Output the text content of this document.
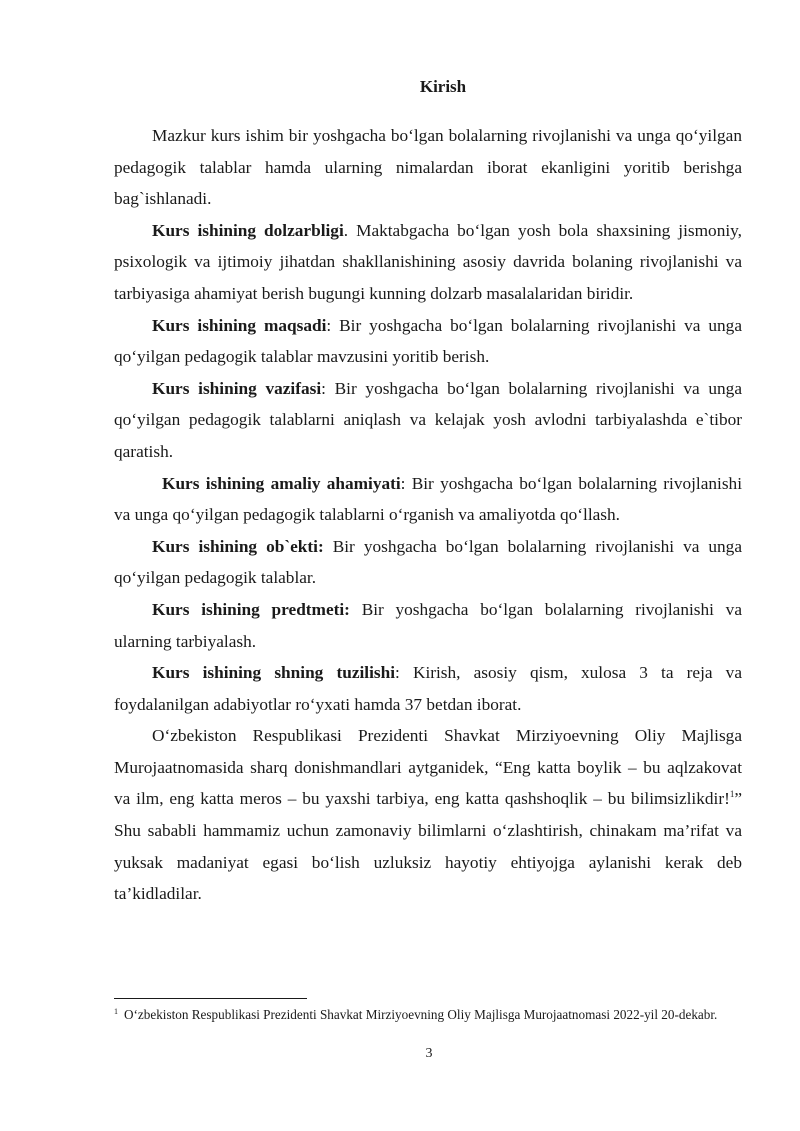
Kirish

Mazkur kurs ishim bir yoshgacha bo‘lgan bolalarning rivojlanishi va unga qo‘yilgan pedagogik talablar hamda ularning nimalardan iborat ekanligini yoritib berishga bag`ishlanadi.

Kurs ishining dolzarbligi. Maktabgacha bo‘lgan yosh bola shaxsining jismoniy, psixologik va ijtimoiy jihatdan shakllanishining asosiy davrida bolaning rivojlanishi va tarbiyasiga ahamiyat berish bugungi kunning dolzarb masalalaridan biridir.

Kurs ishining maqsadi: Bir yoshgacha bo‘lgan bolalarning rivojlanishi va unga qo‘yilgan pedagogik talablar mavzusini yoritib berish.

Kurs ishining vazifasi: Bir yoshgacha bo‘lgan bolalarning rivojlanishi va unga qo‘yilgan pedagogik talablarni aniqlash va kelajak yosh avlodni tarbiyalashda e`tibor qaratish.

Kurs ishining amaliy ahamiyati: Bir yoshgacha bo‘lgan bolalarning rivojlanishi va unga qo‘yilgan pedagogik talablarni o‘rganish va amaliyotda qo‘llash.

Kurs ishining ob`ekti: Bir yoshgacha bo‘lgan bolalarning rivojlanishi va unga qo‘yilgan pedagogik talablar.

Kurs ishining predtmeti: Bir yoshgacha bo‘lgan bolalarning rivojlanishi va ularning tarbiyalash.

Kurs ishining shning tuzilishi: Kirish, asosiy qism, xulosa 3 ta reja va foydalanilgan adabiyotlar ro‘yxati hamda 37 betdan iborat.

O‘zbekiston Respublikasi Prezidenti Shavkat Mirziyoevning Oliy Majlisga Murojaatnomasida sharq donishmandlari aytganidek, “Eng katta boylik – bu aqlzakovat va ilm, eng katta meros – bu yaxshi tarbiya, eng katta qashshoqlik – bu bilimsizlikdir!$^1$” Shu sababli hammamiz uchun zamonaviy bilimlarni o‘zlashtirish, chinakam ma’rifat va yuksak madaniyat egasi bo‘lish uzluksiz hayotiy ehtiyojga aylanishi kerak deb ta’kidladilar.

$^1$ O‘zbekiston Respublikasi Prezidenti Shavkat Mirziyoevning Oliy Majlisga Murojaatnomasi 2022-yil 20-dekabr.
3
